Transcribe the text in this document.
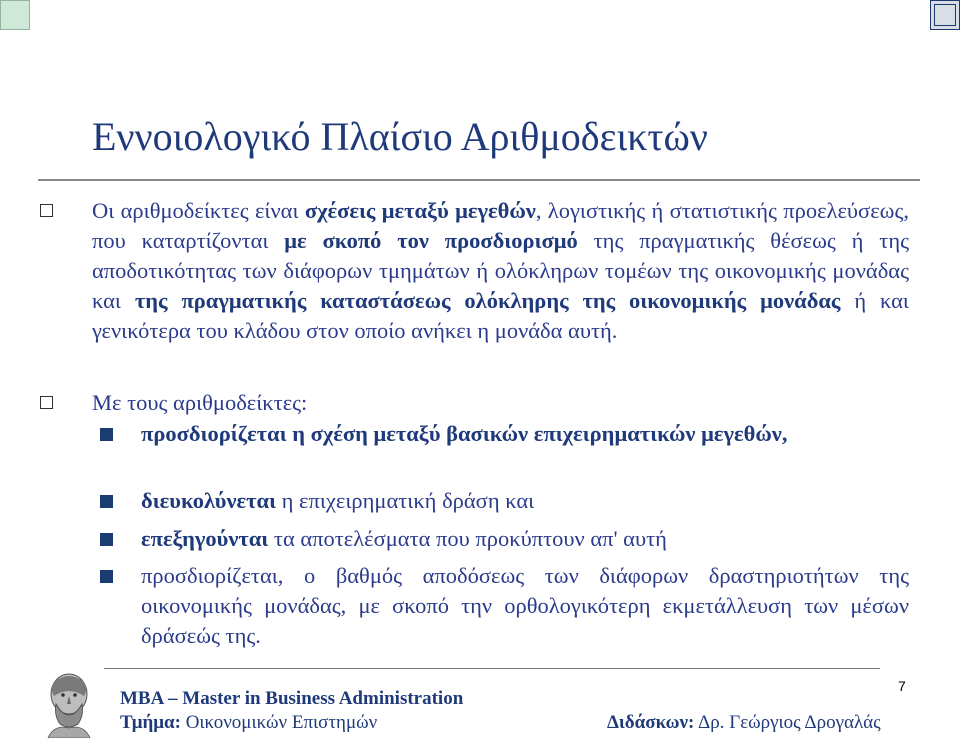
Εννοιολογικό Πλαίσιο Αριθμοδεικτών
Οι αριθμοδείκτες είναι σχέσεις μεταξύ μεγεθών, λογιστικής ή στατιστικής προελεύσεως, που καταρτίζονται με σκοπό τον προσδιορισμό της πραγματικής θέσεως ή της αποδοτικότητας των διάφορων τμημάτων ή ολόκληρων τομέων της οικονομικής μονάδας και της πραγματικής καταστάσεως ολόκληρης της οικονομικής μονάδας ή και γενικότερα του κλάδου στον οποίο ανήκει η μονάδα αυτή.
Με τους αριθμοδείκτες:
προσδιορίζεται η σχέση μεταξύ βασικών επιχειρηματικών μεγεθών,
διευκολύνεται η επιχειρηματική δράση και
επεξηγούνται τα αποτελέσματα που προκύπτουν απ' αυτή
προσδιορίζεται, ο βαθμός αποδόσεως των διάφορων δραστηριοτήτων της οικονομικής μονάδας, με σκοπό την ορθολογικότερη εκμετάλλευση των μέσων δράσεώς της.
MBA – Master in Business Administration
Τμήμα: Οικονομικών Επιστημών	Διδάσκων: Δρ. Γεώργιος Δρογαλάς
7
